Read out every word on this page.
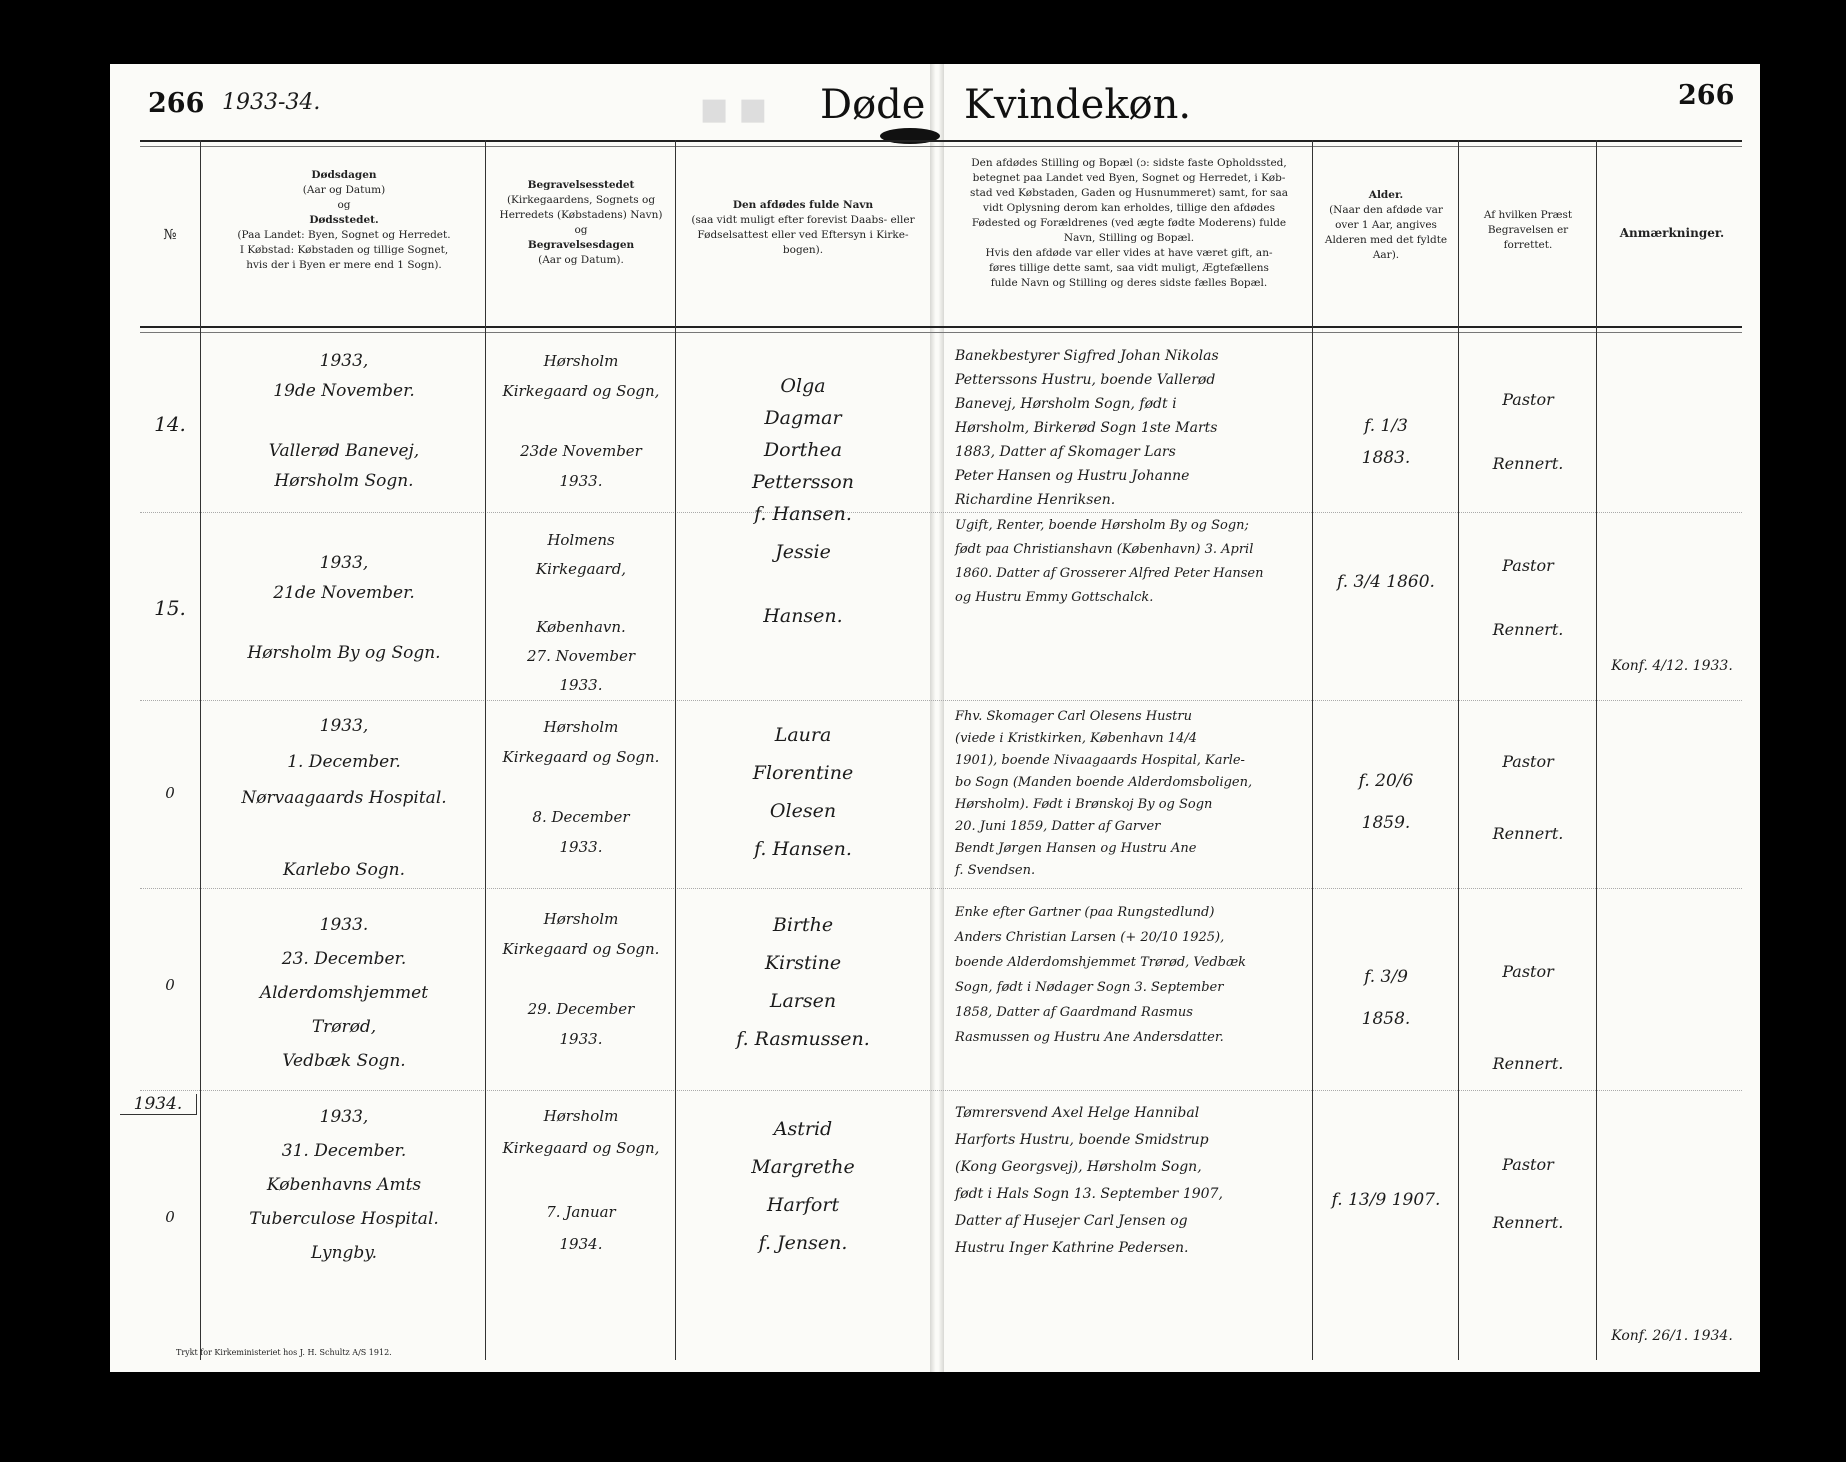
266 1933-34.	■ ■ Døde Kvindekøn.	266
№
Dødsdagen
(Aar og Datum)
og
Dødsstedet.
(Paa Landet: Byen, Sognet og Herredet.
I Købstad: Købstaden og tillige Sognet,
hvis der i Byen er mere end 1 Sogn).
Begravelsesstedet
(Kirkegaardens, Sognets og
Herredets (Købstadens) Navn)
og
Begravelsesdagen
(Aar og Datum).
Den afdødes fulde Navn
(saa vidt muligt efter forevist Daabs- eller
Fødselsattest eller ved Eftersyn i Kirke-
bogen).
Den afdødes Stilling og Bopæl (ɔ: sidste faste Opholdssted,
betegnet paa Landet ved Byen, Sognet og Herredet, i Køb-
stad ved Købstaden, Gaden og Husnummeret) samt, for saa
vidt Oplysning derom kan erholdes, tillige den afdødes
Fødested og Forældrenes (ved ægte fødte Moderens) fulde
Navn, Stilling og Bopæl.
Hvis den afdøde var eller vides at have været gift, an-
føres tillige dette samt, saa vidt muligt, Ægtefællens
fulde Navn og Stilling og deres sidste fælles Bopæl.
Alder.
(Naar den afdøde var
over 1 Aar, angives
Alderen med det fyldte
Aar).
Af hvilken Præst
Begravelsen er
forrettet.
Anmærkninger.
14.
1933,
19de November.

Vallerød Banevej,
Hørsholm Sogn.
Hørsholm
Kirkegaard og Sogn,

23de November
1933.
Olga
Dagmar
Dorthea
Pettersson
f. Hansen.
Banekbestyrer Sigfred Johan Nikolas
Petterssons Hustru, boende Vallerød
Banevej, Hørsholm Sogn, født i
Hørsholm, Birkerød Sogn 1ste Marts
1883, Datter af Skomager Lars
Peter Hansen og Hustru Johanne
Richardine Henriksen.
f. 1/3
1883.
Pastor
Rennert.
15.
1933,
21de November.

Hørsholm By og Sogn.
Holmens
Kirkegaard,

København.
27. November
1933.
Jessie

Hansen.
Ugift, Renter, boende Hørsholm By og Sogn;
født paa Christianshavn (København) 3. April
1860. Datter af Grosserer Alfred Peter Hansen
og Hustru Emmy Gottschalck.
f. 3/4 1860.
Pastor
Rennert.
Konf. 4/12. 1933.
0
1933,
1. December.
Nørvaagaards Hospital.

Karlebo Sogn.
Hørsholm
Kirkegaard og Sogn.

8. December
1933.
Laura
Florentine
Olesen
f. Hansen.
Fhv. Skomager Carl Olesens Hustru
(viede i Kristkirken, København 14/4
1901), boende Nivaagaards Hospital, Karle-
bo Sogn (Manden boende Alderdomsboligen,
Hørsholm). Født i Brønskoj By og Sogn
20. Juni 1859, Datter af Garver
Bendt Jørgen Hansen og Hustru Ane
f. Svendsen.
f. 20/6
1859.
Pastor
Rennert.
0
1933.
23. December.
Alderdomshjemmet
Trørød,
Vedbæk Sogn.
Hørsholm
Kirkegaard og Sogn.

29. December
1933.
Birthe
Kirstine
Larsen
f. Rasmussen.
Enke efter Gartner (paa Rungstedlund)
Anders Christian Larsen (+ 20/10 1925),
boende Alderdomshjemmet Trørød, Vedbæk
Sogn, født i Nødager Sogn 3. September
1858, Datter af Gaardmand Rasmus
Rasmussen og Hustru Ane Andersdatter.
f. 3/9
1858.
Pastor
Rennert.
1934.
0
1933,
31. December.
Københavns Amts
Tuberculose Hospital.
Lyngby.
Hørsholm
Kirkegaard og Sogn,

7. Januar
1934.
Astrid
Margrethe
Harfort
f. Jensen.
Tømrersvend Axel Helge Hannibal
Harforts Hustru, boende Smidstrup
(Kong Georgsvej), Hørsholm Sogn,
født i Hals Sogn 13. September 1907,
Datter af Husejer Carl Jensen og
Hustru Inger Kathrine Pedersen.
f. 13/9 1907.
Pastor
Rennert.
Konf. 26/1. 1934.
Trykt for Kirkeministeriet hos J. H. Schultz A/S 1912.
